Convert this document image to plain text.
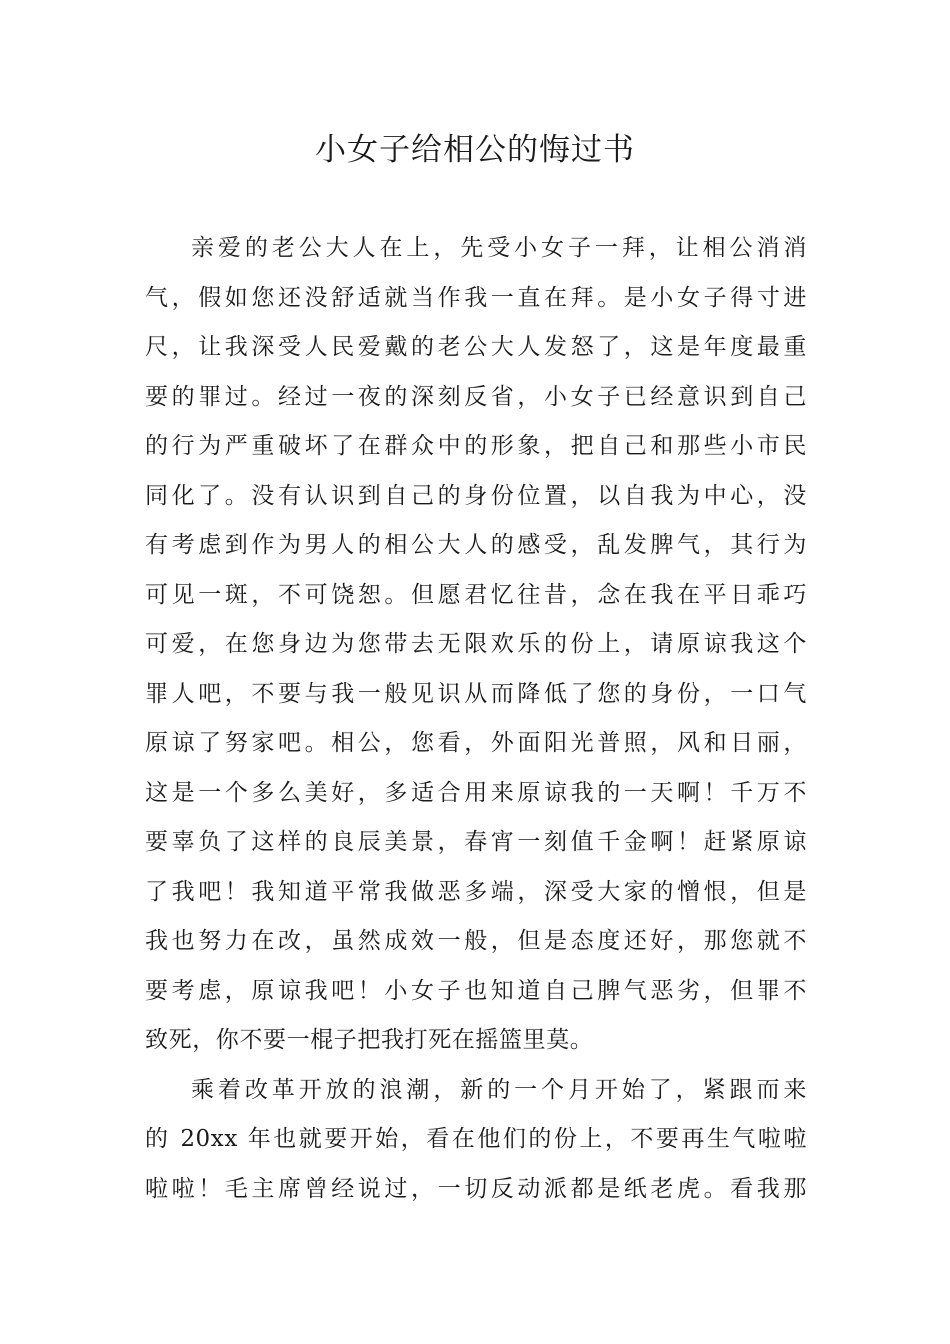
小女子给相公的悔过书
亲爱的老公大人在上，先受小女子一拜，让相公消消
气，假如您还没舒适就当作我一直在拜。是小女子得寸进
尺，让我深受人民爱戴的老公大人发怒了，这是年度最重
要的罪过。经过一夜的深刻反省，小女子已经意识到自己
的行为严重破坏了在群众中的形象，把自己和那些小市民
同化了。没有认识到自己的身份位置，以自我为中心，没
有考虑到作为男人的相公大人的感受，乱发脾气，其行为
可见一斑，不可饶恕。但愿君忆往昔，念在我在平日乖巧
可爱，在您身边为您带去无限欢乐的份上，请原谅我这个
罪人吧，不要与我一般见识从而降低了您的身份，一口气
原谅了努家吧。相公，您看，外面阳光普照，风和日丽，
这是一个多么美好，多适合用来原谅我的一天啊！千万不
要辜负了这样的良辰美景，春宵一刻值千金啊！赶紧原谅
了我吧！我知道平常我做恶多端，深受大家的憎恨，但是
我也努力在改，虽然成效一般，但是态度还好，那您就不
要考虑，原谅我吧！小女子也知道自己脾气恶劣，但罪不
致死，你不要一棍子把我打死在摇篮里莫。
乘着改革开放的浪潮，新的一个月开始了，紧跟而来
的 20xx 年也就要开始，看在他们的份上，不要再生气啦啦
啦啦！毛主席曾经说过，一切反动派都是纸老虎。看我那
